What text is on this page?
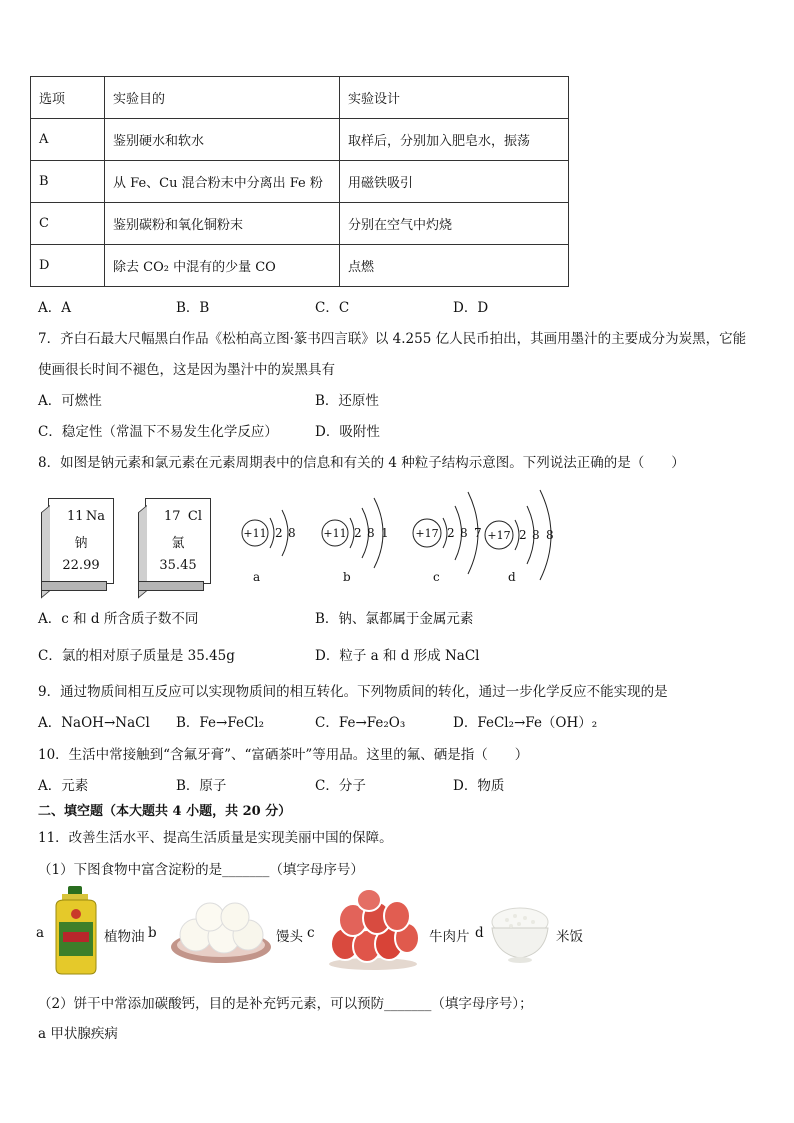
选项	实验目的	实验设计
A	鉴别硬水和软水	取样后，分别加入肥皂水，振荡
B	从 Fe、Cu 混合粉末中分离出 Fe 粉	用磁铁吸引
C	鉴别碳粉和氧化铜粉末	分别在空气中灼烧
D	除去 CO₂ 中混有的少量 CO	点燃
A．A	B．B	C．C	D．D
7．齐白石最大尺幅黑白作品《松柏高立图·篆书四言联》以 4.255 亿人民币拍出，其画用墨汁的主要成分为炭黑，它能
使画很长时间不褪色，这是因为墨汁中的炭黑具有
A．可燃性	B．还原性
C．稳定性（常温下不易发生化学反应）	D．吸附性
8．如图是钠元素和氯元素在元素周期表中的信息和有关的 4 种粒子结构示意图。下列说法正确的是（　　）
11 Na
钠
22.99
17 Cl
氯
35.45
+11 2 8	+11 2 8 1 +17 2 8 7 +17 2 8 8
a	b	c	d
A．c 和 d 所含质子数不同	B．钠、氯都属于金属元素
C．氯的相对原子质量是 35.45g	D．粒子 a 和 d 形成 NaCl
9．通过物质间相互反应可以实现物质间的相互转化。下列物质间的转化，通过一步化学反应不能实现的是
A．NaOH→NaCl B．Fe→FeCl₂	C．Fe→Fe₂O₃	D．FeCl₂→Fe（OH）₂
10．生活中常接触到“含氟牙膏”、“富硒茶叶”等用品。这里的氟、硒是指（　　）
A．元素	B．原子	C．分子	D．物质
二、填空题（本大题共 4 小题，共 20 分）
11．改善生活水平、提高生活质量是实现美丽中国的保障。
（1）下图食物中富含淀粉的是_______（填字母序号）
a	植物油 b	馒头 c	牛肉片 d	米饭
（2）饼干中常添加碳酸钙，目的是补充钙元素，可以预防_______（填字母序号）；
a 甲状腺疾病
